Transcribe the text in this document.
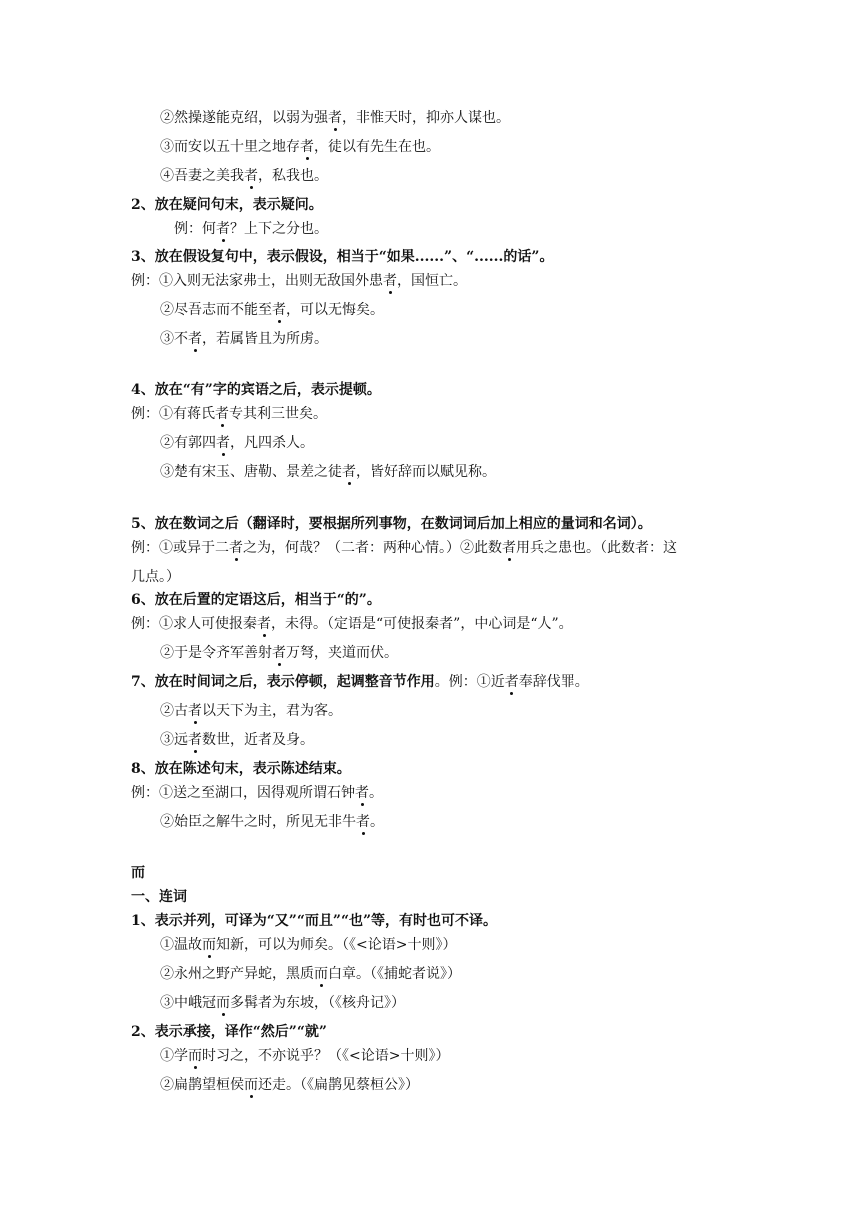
②然操遂能克绍，以弱为强者，非惟天时，抑亦人谋也。
③而安以五十里之地存者，徒以有先生在也。
④吾妻之美我者，私我也。
2、放在疑问句末，表示疑问。
例：何者？上下之分也。
3、放在假设复句中，表示假设，相当于“如果......”、“......的话”。
例：①入则无法家弗士，出则无敌国外患者，国恒亡。
②尽吾志而不能至者，可以无悔矣。
③不者，若属皆且为所虏。
4、放在“有”字的宾语之后，表示提顿。
例：①有蒋氏者专其利三世矣。
②有郭四者，凡四杀人。
③楚有宋玉、唐勒、景差之徒者，皆好辞而以赋见称。
5、放在数词之后（翻译时，要根据所列事物，在数词词后加上相应的量词和名词）。
例：①或异于二者之为，何哉？（二者：两种心情。）②此数者用兵之患也。（此数者：这
几点。）
6、放在后置的定语这后，相当于“的”。
例：①求人可使报秦者，未得。（定语是“可使报秦者”，中心词是“人”。
②于是令齐军善射者万弩，夹道而伏。
7、放在时间词之后，表示停顿，起调整音节作用。例：①近者奉辞伐罪。
②古者以天下为主，君为客。
③远者数世，近者及身。
8、放在陈述句末，表示陈述结束。
例：①送之至湖口，因得观所谓石钟者。
②始臣之解牛之时，所见无非牛者。
而
一、连词
1、表示并列，可译为“又”“而且”“也”等，有时也可不译。
①温故而知新，可以为师矣。（《<论语>十则》）
②永州之野产异蛇，黑质而白章。（《捕蛇者说》）
③中峨冠而多髯者为东坡，（《核舟记》）
2、表示承接，译作“然后”“就”
①学而时习之，不亦说乎？（《<论语>十则》）
②扁鹊望桓侯而还走。（《扁鹊见蔡桓公》）
